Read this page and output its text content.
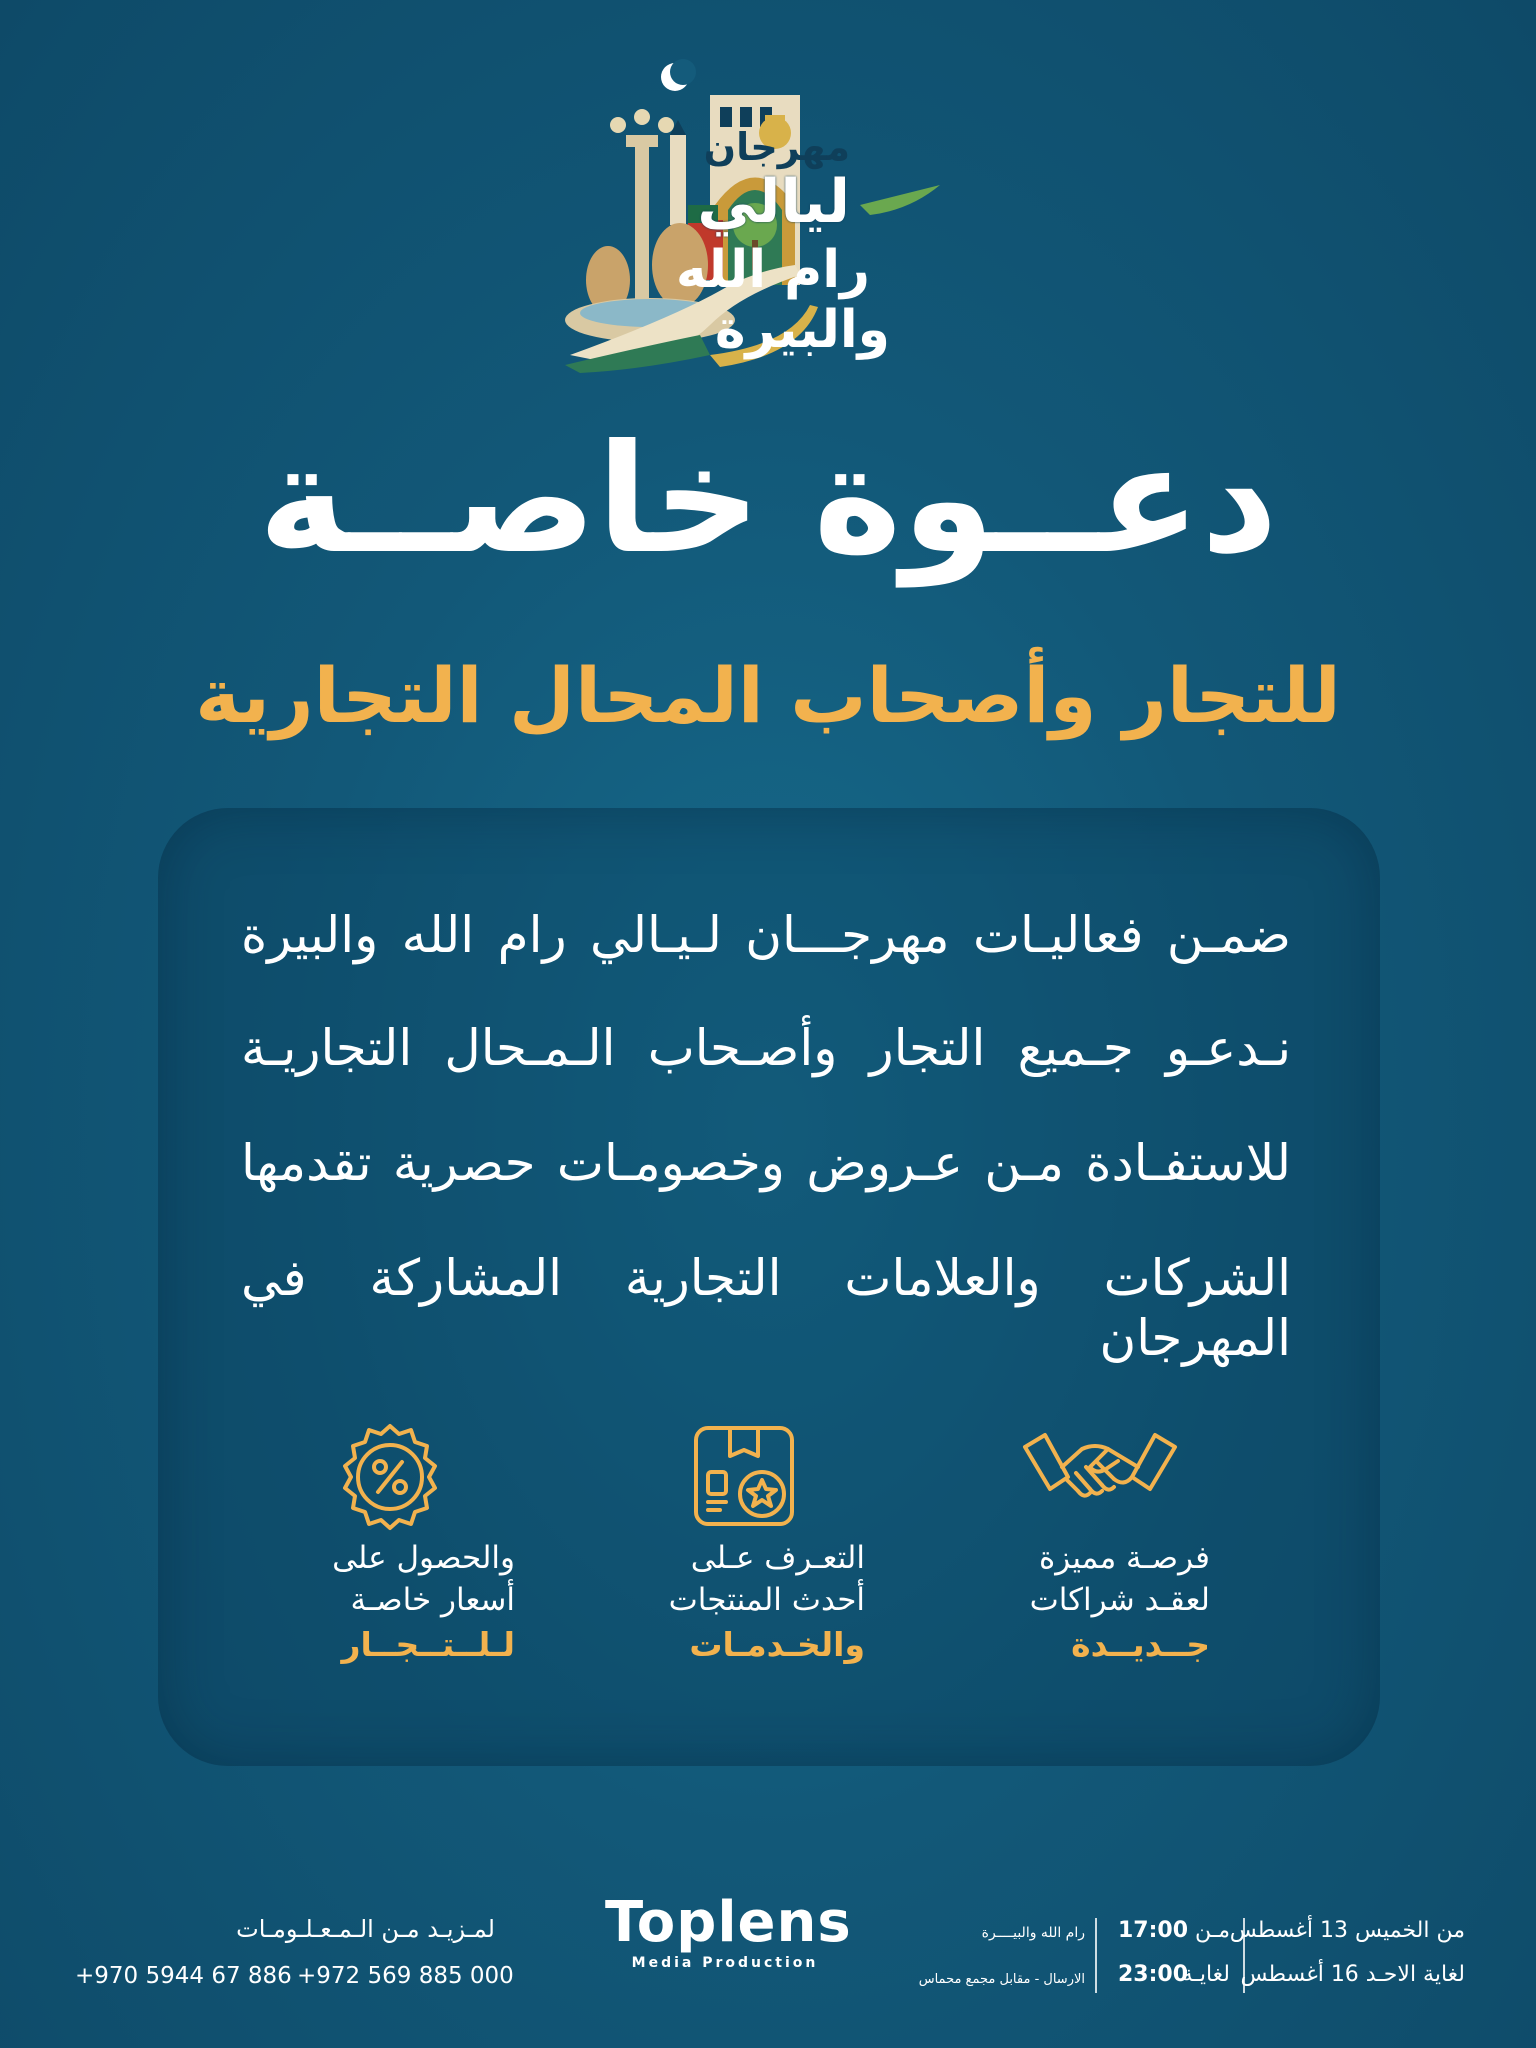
مهرجان
ليالي
رام الله
والبيرة
دعــوة خاصــة
للتجار وأصحاب المحال التجارية
ضمـن فعاليـات مهرجـــان لـيـالي رام الله والبيرة
نـدعـو جـميع التجار وأصـحاب الـمـحال التجاريـة
للاستفـادة مـن عـروض وخصومـات حصرية تقدمها
الشركات والعلامات التجارية المشاركة في المهرجان
فرصـة مميزة
لعقـد شراكات
جــديــدة
التعـرف عـلى
أحدث المنتجات
والخـدمـات
والحصول على
أسعار خاصـة
لـلــتــجــار
لمـزيـد مـن الـمـعـلـومـات
+970 5944 67 886 +972 569 885 000
Toplens
Media Production
رام الله والبيــــرة
الارسال - مقابل مجمع محماس
مـن
17:00
لغايـة
23:00
من الخميس 13 أغسطس
لغاية الاحـد 16 أغسطس
